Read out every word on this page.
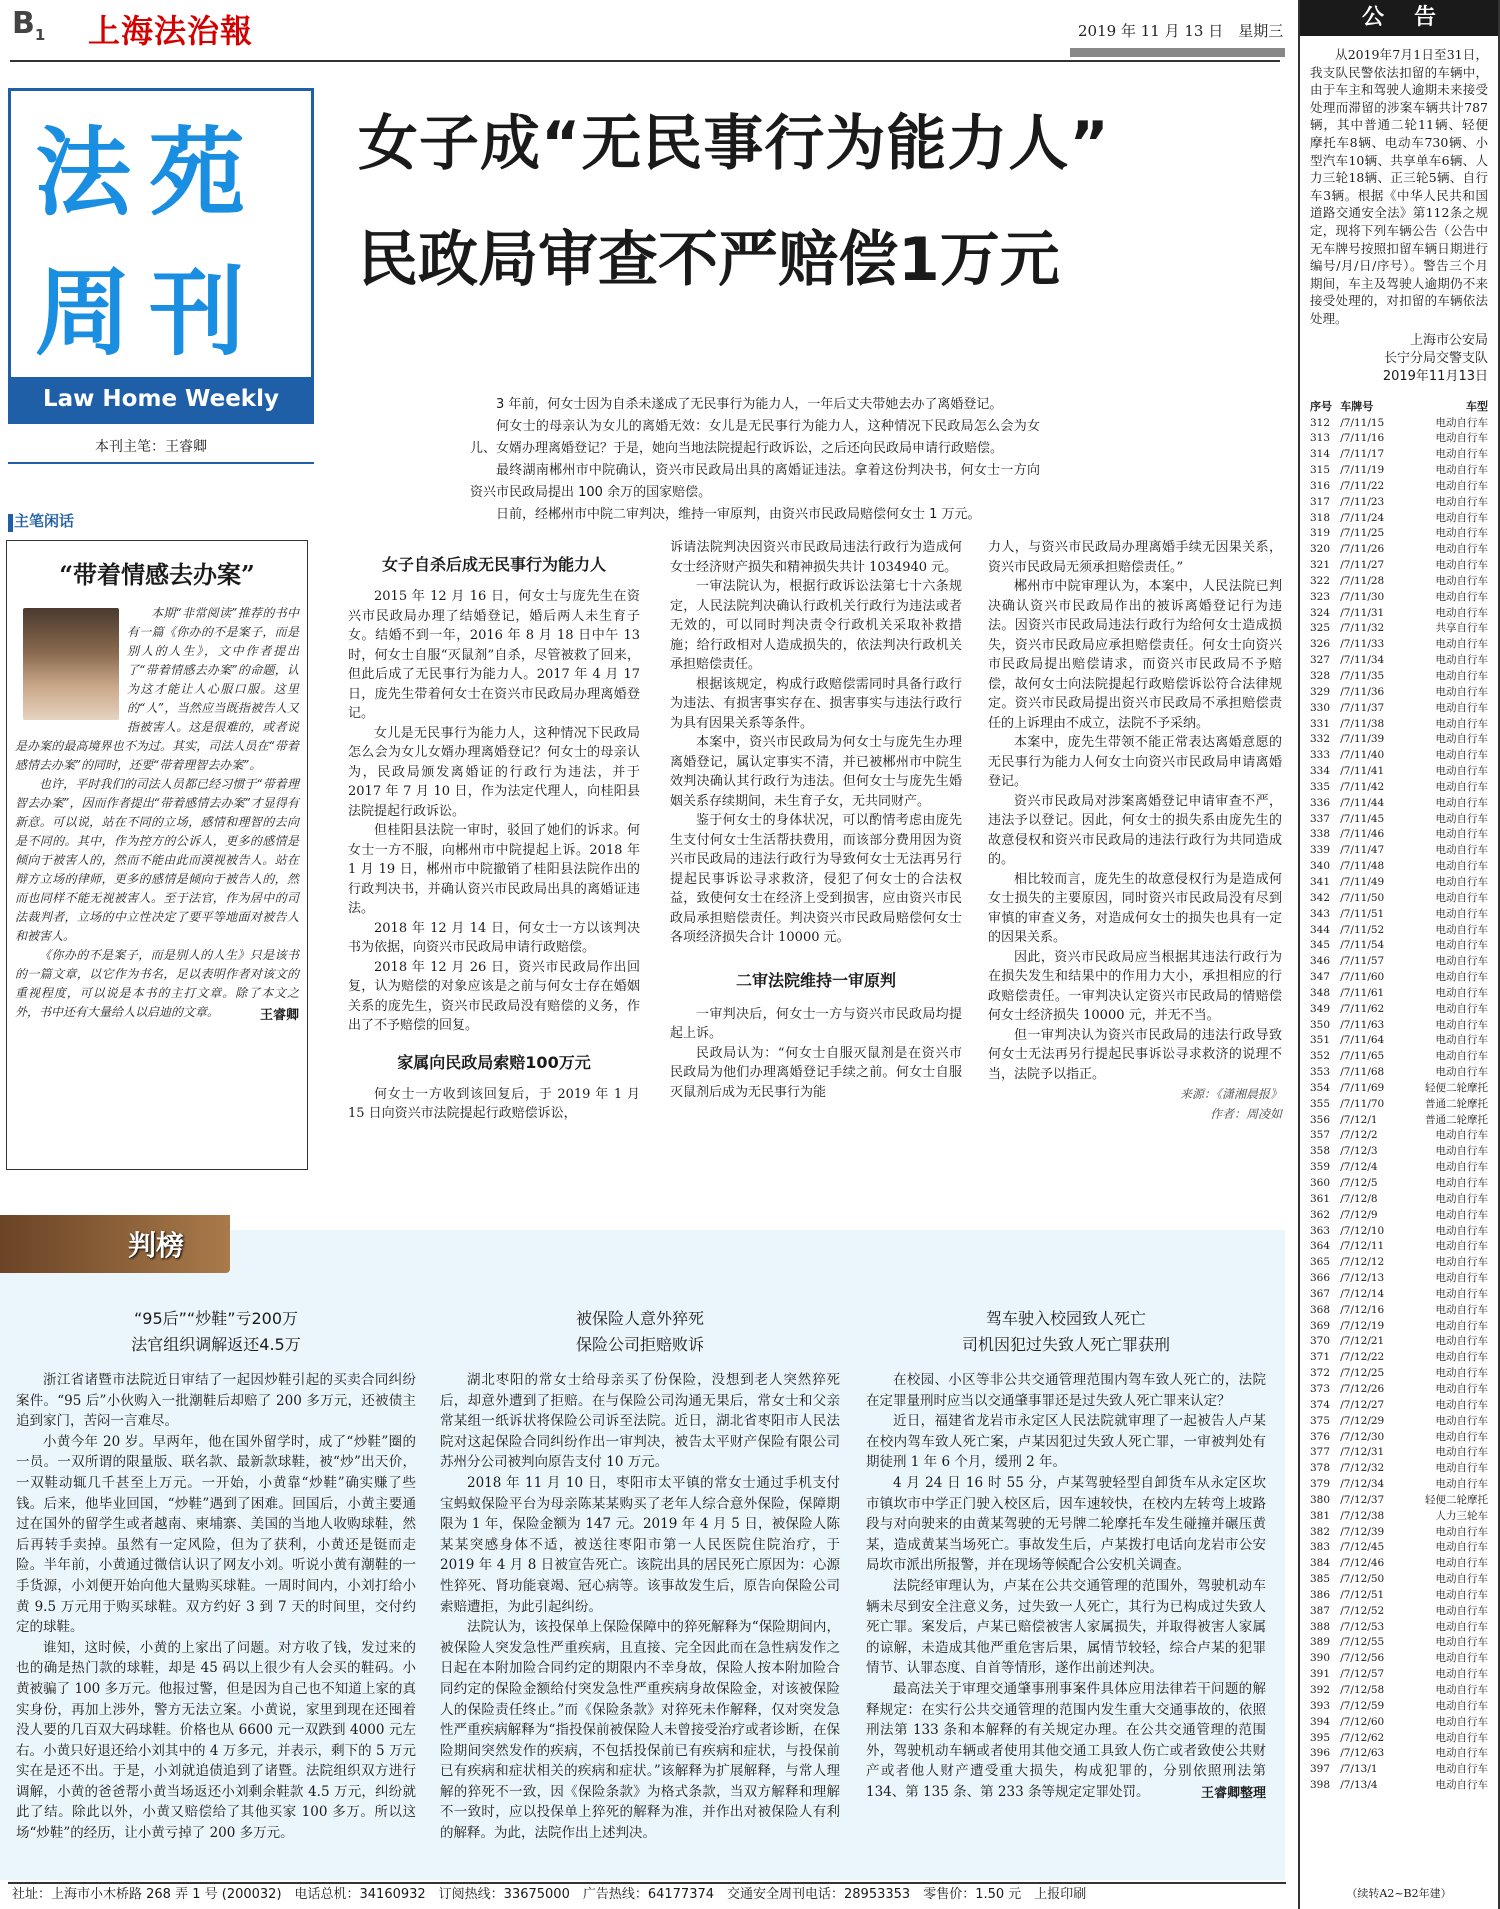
$B_1$ 上海法治報	2019 年 11 月 13 日　星期三
法苑
周刊
Law Home Weekly
本刊主笔：王睿卿
女子成“无民事行为能力人”
民政局审查不严赔偿1万元

3 年前，何女士因为自杀未遂成了无民事行为能力人，一年后丈夫带她去办了离婚登记。

何女士的母亲认为女儿的离婚无效：女儿是无民事行为能力人，这种情况下民政局怎么会为女儿、女婿办理离婚登记？于是，她向当地法院提起行政诉讼，之后还向民政局申请行政赔偿。

最终湖南郴州市中院确认，资兴市民政局出具的离婚证违法。拿着这份判决书，何女士一方向资兴市民政局提出 100 余万的国家赔偿。

日前，经郴州市中院二审判决，维持一审原判，由资兴市民政局赔偿何女士 1 万元。

主笔闲话
“带着情感去办案”

本期“非常阅读”推荐的书中有一篇《你办的不是案子，而是别人的人生》，文中作者提出了“带着情感去办案”的命题，认为这才能让人心服口服。这里的“人”，当然应当既指被告人又指被害人。这是很难的，或者说是办案的最高境界也不为过。其实，司法人员在“带着感情去办案”的同时，还要“带着理智去办案”。

也许，平时我们的司法人员都已经习惯于“带着理智去办案”，因而作者提出“带着感情去办案”才显得有新意。可以说，站在不同的立场，感情和理智的去向是不同的。其中，作为控方的公诉人，更多的感情是倾向于被害人的，然而不能由此而漠视被告人。站在辩方立场的律师，更多的感情是倾向于被告人的，然而也同样不能无视被害人。至于法官，作为居中的司法裁判者，立场的中立性决定了要平等地面对被告人和被害人。

《你办的不是案子，而是别人的人生》只是该书的一篇文章，以它作为书名，足以表明作者对该文的重视程度，可以说是本书的主打文章。除了本文之外，书中还有大量给人以启迪的文章。	王睿卿
女子自杀后成无民事行为能力人

2015 年 12 月 16 日，何女士与庞先生在资兴市民政局办理了结婚登记，婚后两人未生育子女。结婚不到一年，2016 年 8 月 18 日中午 13 时，何女士自服“灭鼠剂”自杀，尽管被救了回来，但此后成了无民事行为能力人。2017 年 4 月 17 日，庞先生带着何女士在资兴市民政局办理离婚登记。

女儿是无民事行为能力人，这种情况下民政局怎么会为女儿女婿办理离婚登记？何女士的母亲认为，民政局颁发离婚证的行政行为违法，并于 2017 年 7 月 10 日，作为法定代理人，向桂阳县法院提起行政诉讼。

但桂阳县法院一审时，驳回了她们的诉求。何女士一方不服，向郴州市中院提起上诉。2018 年 1 月 19 日，郴州市中院撤销了桂阳县法院作出的行政判决书，并确认资兴市民政局出具的离婚证违法。

2018 年 12 月 14 日，何女士一方以该判决书为依据，向资兴市民政局申请行政赔偿。

2018 年 12 月 26 日，资兴市民政局作出回复，认为赔偿的对象应该是之前与何女士存在婚姻关系的庞先生，资兴市民政局没有赔偿的义务，作出了不予赔偿的回复。

家属向民政局索赔100万元

何女士一方收到该回复后，于 2019 年 1 月 15 日向资兴市法院提起行政赔偿诉讼，

诉请法院判决因资兴市民政局违法行政行为造成何女士经济财产损失和精神损失共计 1034940 元。

一审法院认为，根据行政诉讼法第七十六条规定，人民法院判决确认行政机关行政行为违法或者无效的，可以同时判决责令行政机关采取补救措施；给行政相对人造成损失的，依法判决行政机关承担赔偿责任。

根据该规定，构成行政赔偿需同时具备行政行为违法、有损害事实存在、损害事实与违法行政行为具有因果关系等条件。

本案中，资兴市民政局为何女士与庞先生办理离婚登记，属认定事实不清，并已被郴州市中院生效判决确认其行政行为违法。但何女士与庞先生婚姻关系存续期间，未生育子女，无共同财产。

鉴于何女士的身体状况，可以酌情考虑由庞先生支付何女士生活帮扶费用，而该部分费用因为资兴市民政局的违法行政行为导致何女士无法再另行提起民事诉讼寻求救济，侵犯了何女士的合法权益，致使何女士在经济上受到损害，应由资兴市民政局承担赔偿责任。判决资兴市民政局赔偿何女士各项经济损失合计 10000 元。

二审法院维持一审原判

一审判决后，何女士一方与资兴市民政局均提起上诉。

民政局认为：“何女士自服灭鼠剂是在资兴市民政局为他们办理离婚登记手续之前。何女士自服灭鼠剂后成为无民事行为能

力人，与资兴市民政局办理离婚手续无因果关系，资兴市民政局无须承担赔偿责任。”

郴州市中院审理认为，本案中，人民法院已判决确认资兴市民政局作出的被诉离婚登记行为违法。因资兴市民政局违法行政行为给何女士造成损失，资兴市民政局应承担赔偿责任。何女士向资兴市民政局提出赔偿请求，而资兴市民政局不予赔偿，故何女士向法院提起行政赔偿诉讼符合法律规定。资兴市民政局提出资兴市民政局不承担赔偿责任的上诉理由不成立，法院不予采纳。

本案中，庞先生带领不能正常表达离婚意愿的无民事行为能力人何女士向资兴市民政局申请离婚登记。

资兴市民政局对涉案离婚登记申请审查不严，违法予以登记。因此，何女士的损失系由庞先生的故意侵权和资兴市民政局的违法行政行为共同造成的。

相比较而言，庞先生的故意侵权行为是造成何女士损失的主要原因，同时资兴市民政局没有尽到审慎的审查义务，对造成何女士的损失也具有一定的因果关系。

因此，资兴市民政局应当根据其违法行政行为在损失发生和结果中的作用力大小，承担相应的行政赔偿责任。一审判决认定资兴市民政局的情赔偿何女士经济损失 10000 元，并无不当。

但一审判决认为资兴市民政局的违法行政导致何女士无法再另行提起民事诉讼寻求救济的说理不当，法院予以指正。

来源：《潇湘晨报》
作者：周凌如
判榜
“95后”“炒鞋”亏200万
法官组织调解返还4.5万

浙江省诸暨市法院近日审结了一起因炒鞋引起的买卖合同纠纷案件。“95 后”小伙购入一批潮鞋后却赔了 200 多万元，还被债主追到家门，苦闷一言难尽。

小黄今年 20 岁。早两年，他在国外留学时，成了“炒鞋”圈的一员。一双所谓的限量版、联名款、最新款球鞋，被“炒”出天价，一双鞋动辄几千甚至上万元。一开始，小黄靠“炒鞋”确实赚了些钱。后来，他毕业回国，“炒鞋”遇到了困难。回国后，小黄主要通过在国外的留学生或者越南、柬埔寨、美国的当地人收购球鞋，然后再转手卖掉。虽然有一定风险，但为了获利，小黄还是铤而走险。半年前，小黄通过微信认识了网友小刘。听说小黄有潮鞋的一手货源，小刘便开始向他大量购买球鞋。一周时间内，小刘打给小黄 9.5 万元用于购买球鞋。双方约好 3 到 7 天的时间里，交付约定的球鞋。

谁知，这时候，小黄的上家出了问题。对方收了钱，发过来的也的确是热门款的球鞋，却是 45 码以上很少有人会买的鞋码。小黄被骗了 100 多万元。他报过警，但是因为自己也不知道上家的真实身份，再加上涉外，警方无法立案。小黄说，家里到现在还囤着没人要的几百双大码球鞋。价格也从 6600 元一双跌到 4000 元左右。小黄只好退还给小刘其中的 4 万多元，并表示，剩下的 5 万元实在是还不出。于是，小刘就追债追到了诸暨。法院组织双方进行调解，小黄的爸爸帮小黄当场返还小刘剩余鞋款 4.5 万元，纠纷就此了结。除此以外，小黄又赔偿给了其他买家 100 多万。所以这场“炒鞋”的经历，让小黄亏掉了 200 多万元。

被保险人意外猝死
保险公司拒赔败诉

湖北枣阳的常女士给母亲买了份保险，没想到老人突然猝死后，却意外遭到了拒赔。在与保险公司沟通无果后，常女士和父亲常某组一纸诉状将保险公司诉至法院。近日，湖北省枣阳市人民法院对这起保险合同纠纷作出一审判决，被告太平财产保险有限公司苏州分公司被判向原告支付 10 万元。

2018 年 11 月 10 日，枣阳市太平镇的常女士通过手机支付宝蚂蚁保险平台为母亲陈某某购买了老年人综合意外保险，保障期限为 1 年，保险金额为 147 元。2019 年 4 月 5 日，被保险人陈某某突感身体不适，被送往枣阳市第一人民医院住院治疗，于 2019 年 4 月 8 日被宣告死亡。该院出具的居民死亡原因为：心源性猝死、肾功能衰竭、冠心病等。该事故发生后，原告向保险公司索赔遭拒，为此引起纠纷。

法院认为，该投保单上保险保障中的猝死解释为“保险期间内，被保险人突发急性严重疾病，且直接、完全因此而在急性病发作之日起在本附加险合同约定的期限内不幸身故，保险人按本附加险合同约定的保险金额给付突发急性严重疾病身故保险金，对该被保险人的保险责任终止。”而《保险条款》对猝死未作解释，仅对突发急性严重疾病解释为“指投保前被保险人未曾接受治疗或者诊断，在保险期间突然发作的疾病，不包括投保前已有疾病和症状，与投保前已有疾病和症状相关的疾病和症状。”该解释为扩展解释，与常人理解的猝死不一致，因《保险条款》为格式条款，当双方解释和理解不一致时，应以投保单上猝死的解释为准，并作出对被保险人有利的解释。为此，法院作出上述判决。

驾车驶入校园致人死亡
司机因犯过失致人死亡罪获刑

在校园、小区等非公共交通管理范围内驾车致人死亡的，法院在定罪量刑时应当以交通肇事罪还是过失致人死亡罪来认定？

近日，福建省龙岩市永定区人民法院就审理了一起被告人卢某在校内驾车致人死亡案，卢某因犯过失致人死亡罪，一审被判处有期徒刑 1 年 6 个月，缓刑 2 年。

4 月 24 日 16 时 55 分，卢某驾驶轻型自卸货车从永定区坎市镇坎市中学正门驶入校区后，因车速较快，在校内左转弯上坡路段与对向驶来的由黄某驾驶的无号牌二轮摩托车发生碰撞并碾压黄某，造成黄某当场死亡。事故发生后，卢某拨打电话向龙岩市公安局坎市派出所报警，并在现场等候配合公安机关调查。

法院经审理认为，卢某在公共交通管理的范围外，驾驶机动车辆未尽到安全注意义务，过失致一人死亡，其行为已构成过失致人死亡罪。案发后，卢某已赔偿被害人家属损失，并取得被害人家属的谅解，未造成其他严重危害后果，属情节较轻，综合卢某的犯罪情节、认罪态度、自首等情形，遂作出前述判决。

最高法关于审理交通肇事刑事案件具体应用法律若干问题的解释规定：在实行公共交通管理的范围内发生重大交通事故的，依照刑法第 133 条和本解释的有关规定办理。在公共交通管理的范围外，驾驶机动车辆或者使用其他交通工具致人伤亡或者致使公共财产或者他人财产遭受重大损失，构成犯罪的，分别依照刑法第 134、第 135 条、第 233 条等规定定罪处罚。	王睿卿整理
公告

从2019年7月1日至31日，我支队民警依法扣留的车辆中，由于车主和驾驶人逾期未来接受处理而滞留的涉案车辆共计787辆，其中普通二轮11辆、轻便摩托车8辆、电动车730辆、小型汽车10辆、共享单车6辆、人力三轮18辆、正三轮5辆、自行车3辆。根据《中华人民共和国道路交通安全法》第112条之规定，现将下列车辆公告（公告中无车牌号按照扣留车辆日期进行编号/月/日/序号）。警告三个月期间，车主及驾驶人逾期仍不来接受处理的，对扣留的车辆依法处理。

上海市公安局
长宁分局交警支队
2019年11月13日
序号	车牌号	车型
312	/7/11/15	电动自行车
313	/7/11/16	电动自行车
314	/7/11/17	电动自行车
315	/7/11/19	电动自行车
316	/7/11/22	电动自行车
317	/7/11/23	电动自行车
318	/7/11/24	电动自行车
319	/7/11/25	电动自行车
320	/7/11/26	电动自行车
321	/7/11/27	电动自行车
322	/7/11/28	电动自行车
323	/7/11/30	电动自行车
324	/7/11/31	电动自行车
325	/7/11/32	共享自行车
326	/7/11/33	电动自行车
327	/7/11/34	电动自行车
328	/7/11/35	电动自行车
329	/7/11/36	电动自行车
330	/7/11/37	电动自行车
331	/7/11/38	电动自行车
332	/7/11/39	电动自行车
333	/7/11/40	电动自行车
334	/7/11/41	电动自行车
335	/7/11/42	电动自行车
336	/7/11/44	电动自行车
337	/7/11/45	电动自行车
338	/7/11/46	电动自行车
339	/7/11/47	电动自行车
340	/7/11/48	电动自行车
341	/7/11/49	电动自行车
342	/7/11/50	电动自行车
343	/7/11/51	电动自行车
344	/7/11/52	电动自行车
345	/7/11/54	电动自行车
346	/7/11/57	电动自行车
347	/7/11/60	电动自行车
348	/7/11/61	电动自行车
349	/7/11/62	电动自行车
350	/7/11/63	电动自行车
351	/7/11/64	电动自行车
352	/7/11/65	电动自行车
353	/7/11/68	电动自行车
354	/7/11/69	轻便二轮摩托
355	/7/11/70	普通二轮摩托
356	/7/12/1	普通二轮摩托
357	/7/12/2	电动自行车
358	/7/12/3	电动自行车
359	/7/12/4	电动自行车
360	/7/12/5	电动自行车
361	/7/12/8	电动自行车
362	/7/12/9	电动自行车
363	/7/12/10	电动自行车
364	/7/12/11	电动自行车
365	/7/12/12	电动自行车
366	/7/12/13	电动自行车
367	/7/12/14	电动自行车
368	/7/12/16	电动自行车
369	/7/12/19	电动自行车
370	/7/12/21	电动自行车
371	/7/12/22	电动自行车
372	/7/12/25	电动自行车
373	/7/12/26	电动自行车
374	/7/12/27	电动自行车
375	/7/12/29	电动自行车
376	/7/12/30	电动自行车
377	/7/12/31	电动自行车
378	/7/12/32	电动自行车
379	/7/12/34	电动自行车
380	/7/12/37	轻便二轮摩托
381	/7/12/38	人力三轮车
382	/7/12/39	电动自行车
383	/7/12/45	电动自行车
384	/7/12/46	电动自行车
385	/7/12/50	电动自行车
386	/7/12/51	电动自行车
387	/7/12/52	电动自行车
388	/7/12/53	电动自行车
389	/7/12/55	电动自行车
390	/7/12/56	电动自行车
391	/7/12/57	电动自行车
392	/7/12/58	电动自行车
393	/7/12/59	电动自行车
394	/7/12/60	电动自行车
395	/7/12/62	电动自行车
396	/7/12/63	电动自行车
397	/7/13/1	电动自行车
398	/7/13/4	电动自行车
（续转A2~B2年建）
社址：上海市小木桥路 268 弄 1 号 (200032)　电话总机：34160932　订阅热线：33675000　广告热线：64177374　交通安全周刊电话：28953353　零售价：1.50 元　上报印刷
